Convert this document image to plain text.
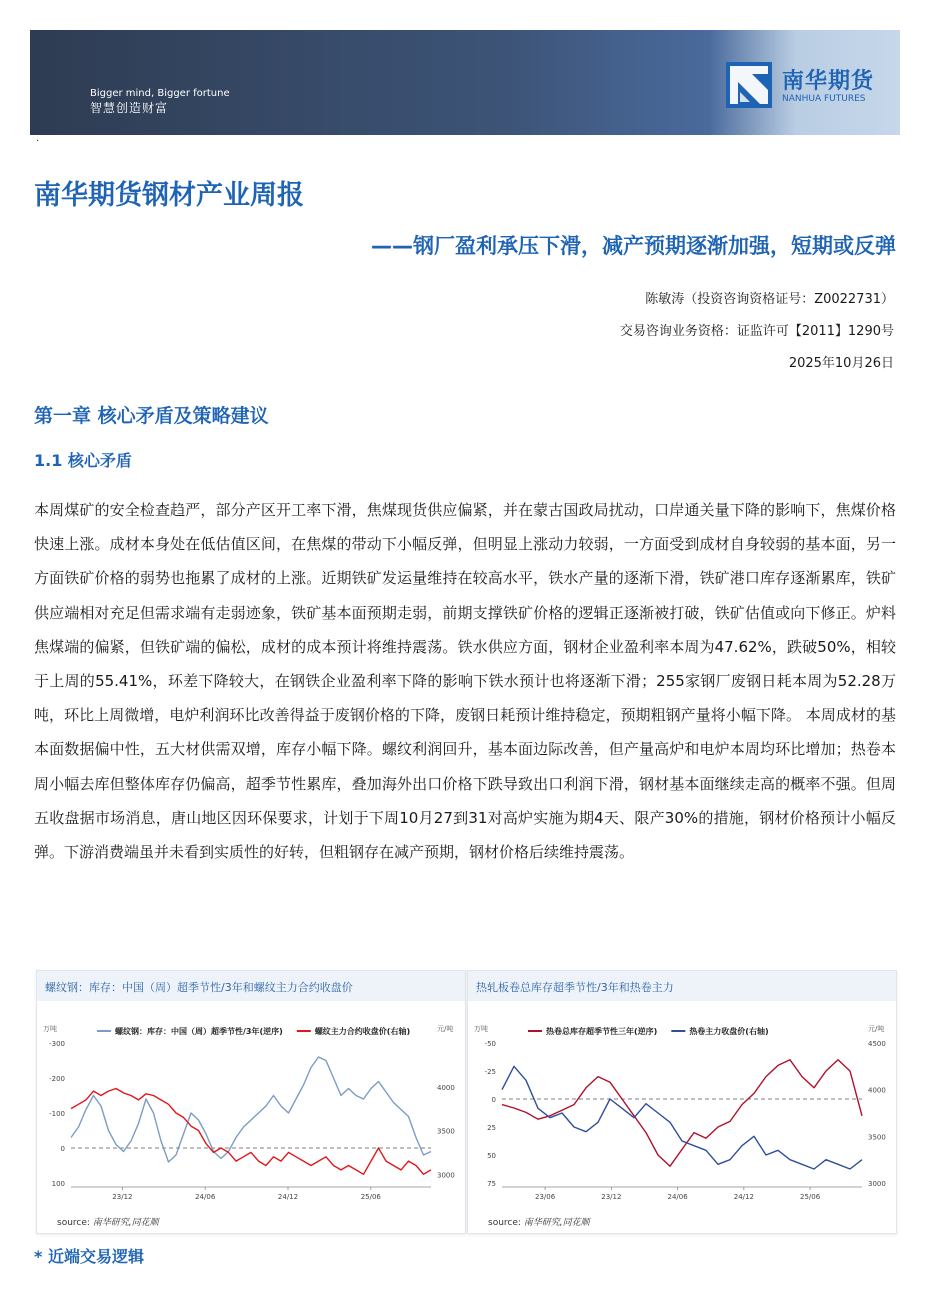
Bigger mind, Bigger fortune
智慧创造财富
南华期货
NANHUA FUTURES
·
南华期货钢材产业周报
——钢厂盈利承压下滑，减产预期逐渐加强，短期或反弹
陈敏涛（投资咨询资格证号：Z0022731）
交易咨询业务资格：证监许可【2011】1290号
2025年10月26日
第一章 核心矛盾及策略建议
1.1 核心矛盾
本周煤矿的安全检查趋严，部分产区开工率下滑，焦煤现货供应偏紧，并在蒙古国政局扰动，口岸通关量下降的影响下，焦煤价格快速上涨。成材本身处在低估值区间，在焦煤的带动下小幅反弹，但明显上涨动力较弱，一方面受到成材自身较弱的基本面，另一方面铁矿价格的弱势也拖累了成材的上涨。近期铁矿发运量维持在较高水平，铁水产量的逐渐下滑，铁矿港口库存逐渐累库，铁矿供应端相对充足但需求端有走弱迹象，铁矿基本面预期走弱，前期支撑铁矿价格的逻辑正逐渐被打破，铁矿估值或向下修正。炉料焦煤端的偏紧，但铁矿端的偏松，成材的成本预计将维持震荡。铁水供应方面，钢材企业盈利率本周为47.62%，跌破50%，相较于上周的55.41%，环差下降较大，在钢铁企业盈利率下降的影响下铁水预计也将逐渐下滑；255家钢厂废钢日耗本周为52.28万吨，环比上周微增，电炉利润环比改善得益于废钢价格的下降，废钢日耗预计维持稳定，预期粗钢产量将小幅下降。 本周成材的基本面数据偏中性，五大材供需双增，库存小幅下降。螺纹利润回升，基本面边际改善，但产量高炉和电炉本周均环比增加；热卷本周小幅去库但整体库存仍偏高，超季节性累库，叠加海外出口价格下跌导致出口利润下滑，钢材基本面继续走高的概率不强。但周五收盘据市场消息，唐山地区因环保要求，计划于下周10月27到31对高炉实施为期4天、限产30%的措施，钢材价格预计小幅反弹。下游消费端虽并未看到实质性的好转，但粗钢存在减产预期，钢材价格后续维持震荡。
螺纹钢：库存：中国（周）超季节性/3年和螺纹主力合约收盘价
螺纹钢：库存：中国（周）超季节性/3年(逆序)	螺纹主力合约收盘价(右轴)
万吨	元/吨
-300
-200
-100
0
100
3000
3500
4000
23/12	24/06	24/12	25/06
source: 南华研究,同花顺
热轧板卷总库存超季节性/3年和热卷主力
热卷总库存超季节性三年(逆序)	热卷主力收盘价(右轴)
万吨	元/吨
-50
-25
0
25
50
75	3000
3500
4000
4500
23/06	23/12	24/06	24/12	25/06
source: 南华研究,同花顺
* 近端交易逻辑
